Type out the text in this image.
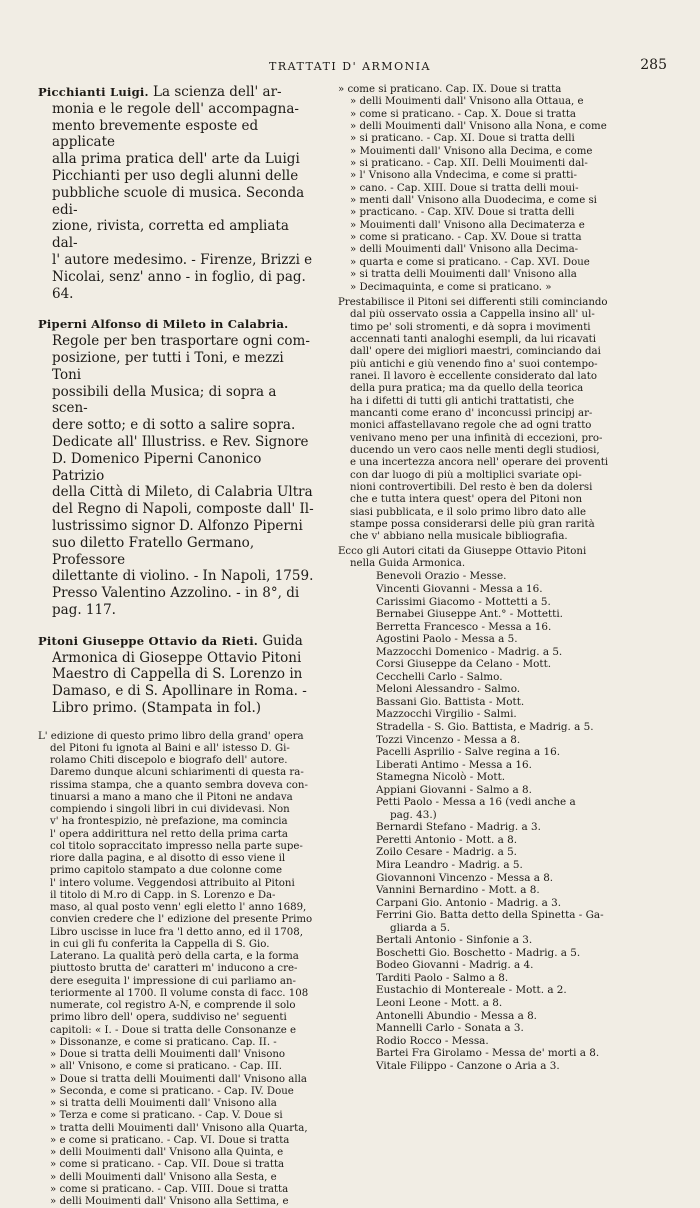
TRATTATI D' ARMONIA	285

Picchianti Luigi. La scienza dell' ar-

monia e le regole dell' accompagna-

mento brevemente esposte ed applicate

alla prima pratica dell' arte da Luigi

Picchianti per uso degli alunni delle

pubbliche scuole di musica. Seconda edi-

zione, rivista, corretta ed ampliata dal-

l' autore medesimo. - Firenze, Brizzi e

Nicolai, senz' anno - in foglio, di pag. 64.

Piperni Alfonso di Mileto in Calabria.

Regole per ben trasportare ogni com-

posizione, per tutti i Toni, e mezzi Toni

possibili della Musica; di sopra a scen-

dere sotto; e di sotto a salire sopra.

Dedicate all' Illustriss. e Rev. Signore

D. Domenico Piperni Canonico Patrizio

della Città di Mileto, di Calabria Ultra

del Regno di Napoli, composte dall' Il-

lustrissimo signor D. Alfonzo Piperni

suo diletto Fratello Germano, Professore

dilettante di violino. - In Napoli, 1759.

Presso Valentino Azzolino. - in 8°, di

pag. 117.

Pitoni Giuseppe Ottavio da Rieti. Guida

Armonica di Gioseppe Ottavio Pitoni

Maestro di Cappella di S. Lorenzo in

Damaso, e di S. Apollinare in Roma. -

Libro primo. (Stampata in fol.)

L' edizione di questo primo libro della grand' opera
del Pitoni fu ignota al Baini e all' istesso D. Gi-
rolamo Chiti discepolo e biografo dell' autore.
Daremo dunque alcuni schiarimenti di questa ra-
rissima stampa, che a quanto sembra doveva con-
tinuarsi a mano a mano che il Pitoni ne andava
compiendo i singoli libri in cui dividevasi. Non
v' ha frontespizio, nè prefazione, ma comincia
l' opera addirittura nel retto della prima carta
col titolo sopraccitato impresso nella parte supe-
riore dalla pagina, e al disotto di esso viene il
primo capitolo stampato a due colonne come
l' intero volume. Veggendosi attribuito al Pitoni
il titolo di M.ro di Capp. in S. Lorenzo e Da-
maso, al qual posto venn' egli eletto l' anno 1689,
convien credere che l' edizione del presente Primo
Libro uscisse in luce fra 'l detto anno, ed il 1708,
in cui gli fu conferita la Cappella di S. Gio.
Laterano. La qualità però della carta, e la forma
piuttosto brutta de' caratteri m' inducono a cre-
dere eseguita l' impressione di cui parliamo an-
teriormente al 1700. Il volume consta di facc. 108
numerate, col registro A-N, e comprende il solo
primo libro dell' opera, suddiviso ne' seguenti
capitoli: « I. - Doue si tratta delle Consonanze e
» Dissonanze, e come si praticano. Cap. II. -
» Doue si tratta delli Mouimenti dall' Vnisono
» all' Vnisono, e come si praticano. - Cap. III.
» Doue si tratta delli Mouimenti dall' Vnisono alla
» Seconda, e come si praticano. - Cap. IV. Doue
» si tratta delli Mouimenti dall' Vnisono alla
» Terza e come si praticano. - Cap. V. Doue si
» tratta delli Mouimenti dall' Vnisono alla Quarta,
» e come si praticano. - Cap. VI. Doue si tratta
» delli Mouimenti dall' Vnisono alla Quinta, e
» come si praticano. - Cap. VII. Doue si tratta
» delli Mouimenti dall' Vnisono alla Sesta, e
» come si praticano. - Cap. VIII. Doue si tratta
» delli Mouimenti dall' Vnisono alla Settima, e
» come si praticano. Cap. IX. Doue si tratta
» delli Mouimenti dall' Vnisono alla Ottaua, e
» come si praticano. - Cap. X. Doue si tratta
» delli Mouimenti dall' Vnisono alla Nona, e come
» si praticano. - Cap. XI. Doue si tratta delli
» Mouimenti dall' Vnisono alla Decima, e come
» si praticano. - Cap. XII. Delli Mouimenti dal-
» l' Vnisono alla Vndecima, e come si pratti-
» cano. - Cap. XIII. Doue si tratta delli moui-
» menti dall' Vnisono alla Duodecima, e come si
» practicano. - Cap. XIV. Doue si tratta delli
» Mouimenti dall' Vnisono alla Decimaterza e
» come si praticano. - Cap. XV. Doue si tratta
» delli Mouimenti dall' Vnisono alla Decima-
» quarta e come si praticano. - Cap. XVI. Doue
» si tratta delli Mouimenti dall' Vnisono alla
» Decimaquinta, e come si praticano. »
Prestabilisce il Pitoni sei differenti stili cominciando
dal più osservato ossia a Cappella insino all' ul-
timo pe' soli stromenti, e dà sopra i movimenti
accennati tanti analoghi esempli, da lui ricavati
dall' opere dei migliori maestri, cominciando dai
più antichi e giù venendo fino a' suoi contempo-
ranei. Il lavoro è eccellente considerato dal lato
della pura pratica; ma da quello della teorica
ha i difetti di tutti gli antichi trattatisti, che
mancanti come erano d' inconcussi principj ar-
monici affastellavano regole che ad ogni tratto
venivano meno per una infinità di eccezioni, pro-
ducendo un vero caos nelle menti degli studiosi,
e una incertezza ancora nell' operare dei proventi
con dar luogo di più a moltiplici svariate opi-
nioni controvertibili. Del resto è ben da dolersi
che e tutta intera quest' opera del Pitoni non
siasi pubblicata, e il solo primo libro dato alle
stampe possa considerarsi delle più gran rarità
che v' abbiano nella musicale bibliografia.
Ecco gli Autori citati da Giuseppe Ottavio Pitoni
nella Guida Armonica.
Benevoli Orazio - Messe.
Vincenti Giovanni - Messa a 16.
Carissimi Giacomo - Mottetti a 5.
Bernabei Giuseppe Ant.° - Mottetti.
Berretta Francesco - Messa a 16.
Agostini Paolo - Messa a 5.
Mazzocchi Domenico - Madrig. a 5.
Corsi Giuseppe da Celano - Mott.
Cecchelli Carlo - Salmo.
Meloni Alessandro - Salmo.
Bassani Gio. Battista - Mott.
Mazzocchi Virgilio - Salmi.
Stradella - S. Gio. Battista, e Madrig. a 5.
Tozzi Vincenzo - Messa a 8.
Pacelli Asprilio - Salve regina a 16.
Liberati Antimo - Messa a 16.
Stamegna Nicolò - Mott.
Appiani Giovanni - Salmo a 8.
Petti Paolo - Messa a 16 (vedi anche a
pag. 43.)
Bernardi Stefano - Madrig. a 3.
Peretti Antonio - Mott. a 8.
Zoilo Cesare - Madrig. a 5.
Mira Leandro - Madrig. a 5.
Giovannoni Vincenzo - Messa a 8.
Vannini Bernardino - Mott. a 8.
Carpani Gio. Antonio - Madrig. a 3.
Ferrini Gio. Batta detto della Spinetta - Ga-
gliarda a 5.
Bertali Antonio - Sinfonie a 3.
Boschetti Gio. Boschetto - Madrig. a 5.
Bodeo Giovanni - Madrig. a 4.
Tarditi Paolo - Salmo a 8.
Eustachio di Montereale - Mott. a 2.
Leoni Leone - Mott. a 8.
Antonelli Abundio - Messa a 8.
Mannelli Carlo - Sonata a 3.
Rodio Rocco - Messa.
Bartei Fra Girolamo - Messa de' morti a 8.
Vitale Filippo - Canzone o Aria a 3.
